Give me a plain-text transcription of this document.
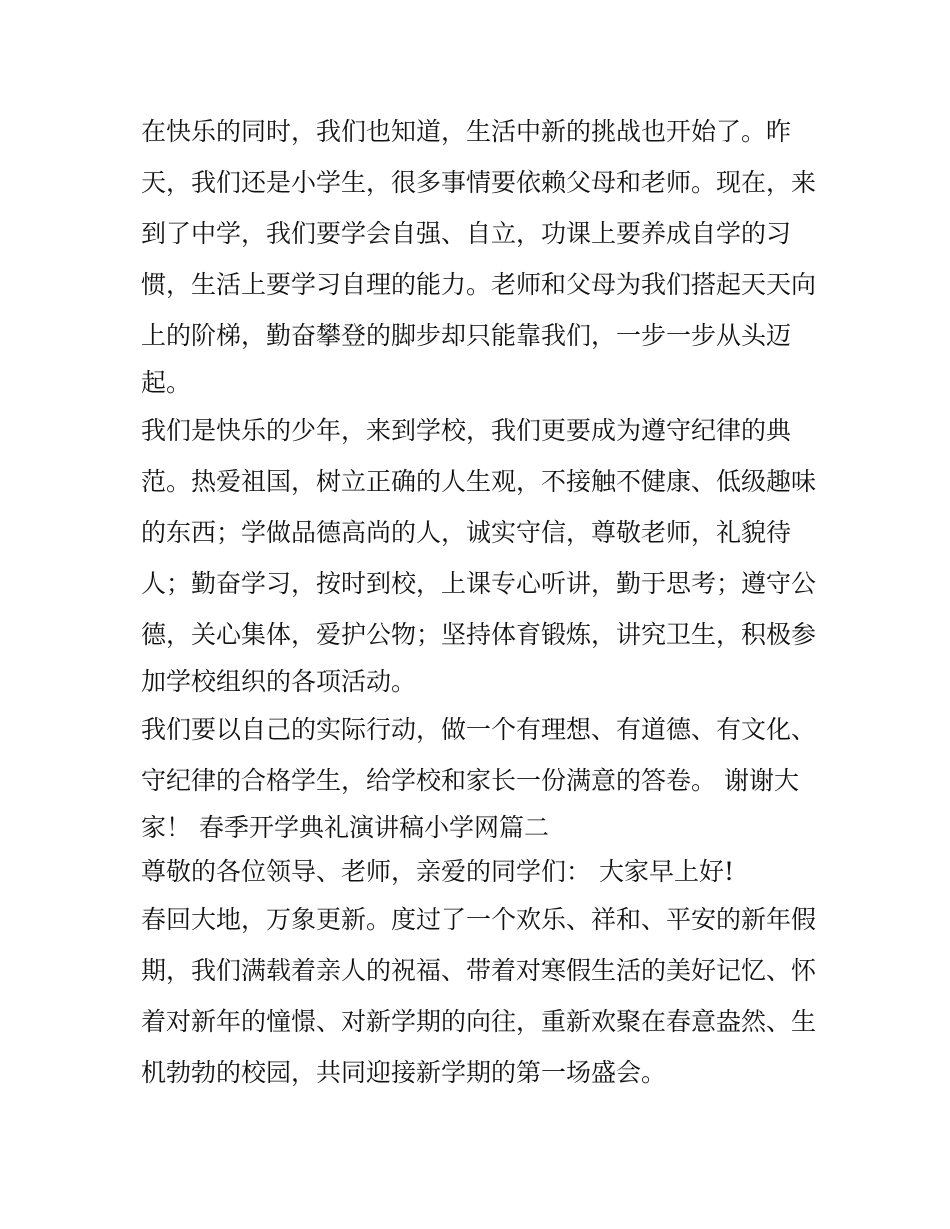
在快乐的同时，我们也知道，生活中新的挑战也开始了。昨
天，我们还是小学生，很多事情要依赖父母和老师。现在，来
到了中学，我们要学会自强、自立，功课上要养成自学的习
惯，生活上要学习自理的能力。老师和父母为我们搭起天天向
上的阶梯，勤奋攀登的脚步却只能靠我们，一步一步从头迈
起。
我们是快乐的少年，来到学校，我们更要成为遵守纪律的典
范。热爱祖国，树立正确的人生观，不接触不健康、低级趣味
的东西；学做品德高尚的人，诚实守信，尊敬老师，礼貌待
人；勤奋学习，按时到校，上课专心听讲，勤于思考；遵守公
德，关心集体，爱护公物；坚持体育锻炼，讲究卫生，积极参
加学校组织的各项活动。
我们要以自己的实际行动，做一个有理想、有道德、有文化、
守纪律的合格学生，给学校和家长一份满意的答卷。 谢谢大
家！ 春季开学典礼演讲稿小学网篇二
尊敬的各位领导、老师，亲爱的同学们： 大家早上好!
春回大地，万象更新。度过了一个欢乐、祥和、平安的新年假
期，我们满载着亲人的祝福、带着对寒假生活的美好记忆、怀
着对新年的憧憬、对新学期的向往，重新欢聚在春意盎然、生
机勃勃的校园，共同迎接新学期的第一场盛会。
